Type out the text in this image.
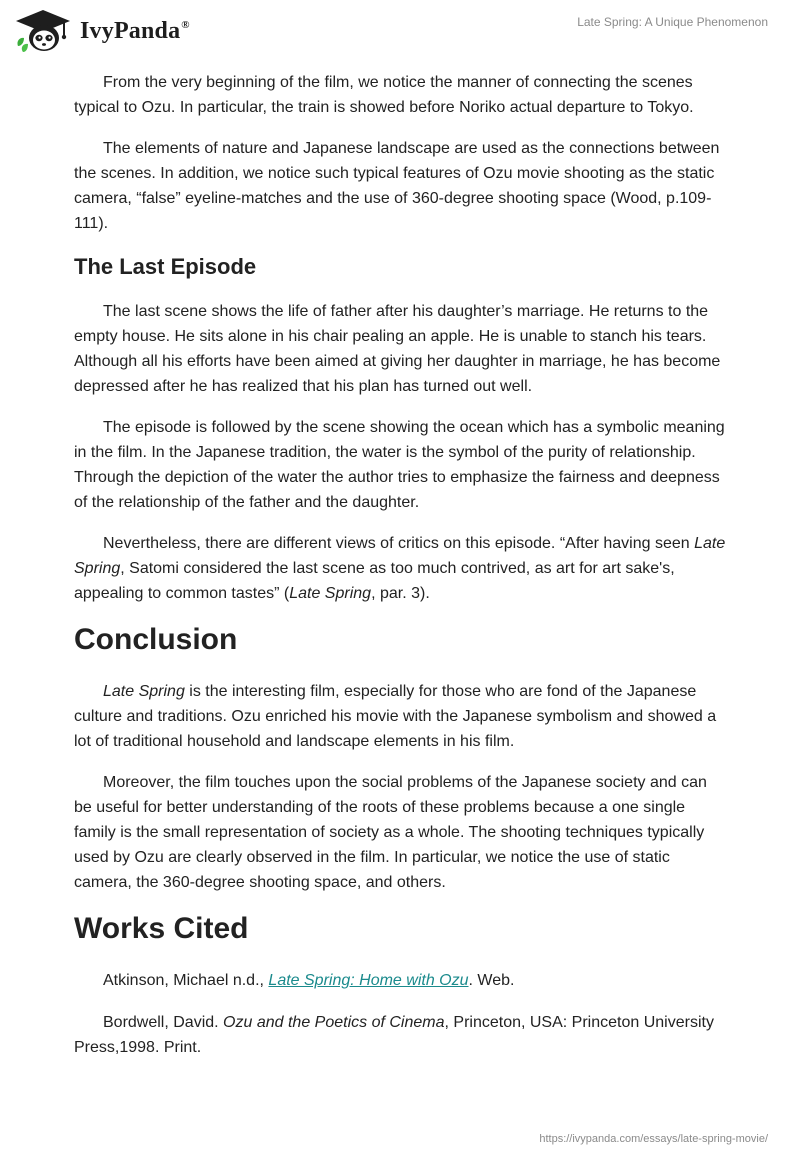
IvyPanda®	Late Spring: A Unique Phenomenon

From the very beginning of the film, we notice the manner of connecting the scenes typical to Ozu. In particular, the train is showed before Noriko actual departure to Tokyo.

The elements of nature and Japanese landscape are used as the connections between the scenes. In addition, we notice such typical features of Ozu movie shooting as the static camera, “false” eyeline-matches and the use of 360-degree shooting space (Wood, p.109-111).

The Last Episode

The last scene shows the life of father after his daughter’s marriage. He returns to the empty house. He sits alone in his chair pealing an apple. He is unable to stanch his tears. Although all his efforts have been aimed at giving her daughter in marriage, he has become depressed after he has realized that his plan has turned out well.

The episode is followed by the scene showing the ocean which has a symbolic meaning in the film. In the Japanese tradition, the water is the symbol of the purity of relationship. Through the depiction of the water the author tries to emphasize the fairness and deepness of the relationship of the father and the daughter.

Nevertheless, there are different views of critics on this episode. “After having seen Late Spring, Satomi considered the last scene as too much contrived, as art for art sake's, appealing to common tastes” (Late Spring, par. 3).

Conclusion

Late Spring is the interesting film, especially for those who are fond of the Japanese culture and traditions. Ozu enriched his movie with the Japanese symbolism and showed a lot of traditional household and landscape elements in his film.

Moreover, the film touches upon the social problems of the Japanese society and can be useful for better understanding of the roots of these problems because a one single family is the small representation of society as a whole. The shooting techniques typically used by Ozu are clearly observed in the film. In particular, we notice the use of static camera, the 360-degree shooting space, and others.

Works Cited

Atkinson, Michael n.d., Late Spring: Home with Ozu. Web.

Bordwell, David. Ozu and the Poetics of Cinema, Princeton, USA: Princeton University Press,1998. Print.

https://ivypanda.com/essays/late-spring-movie/
